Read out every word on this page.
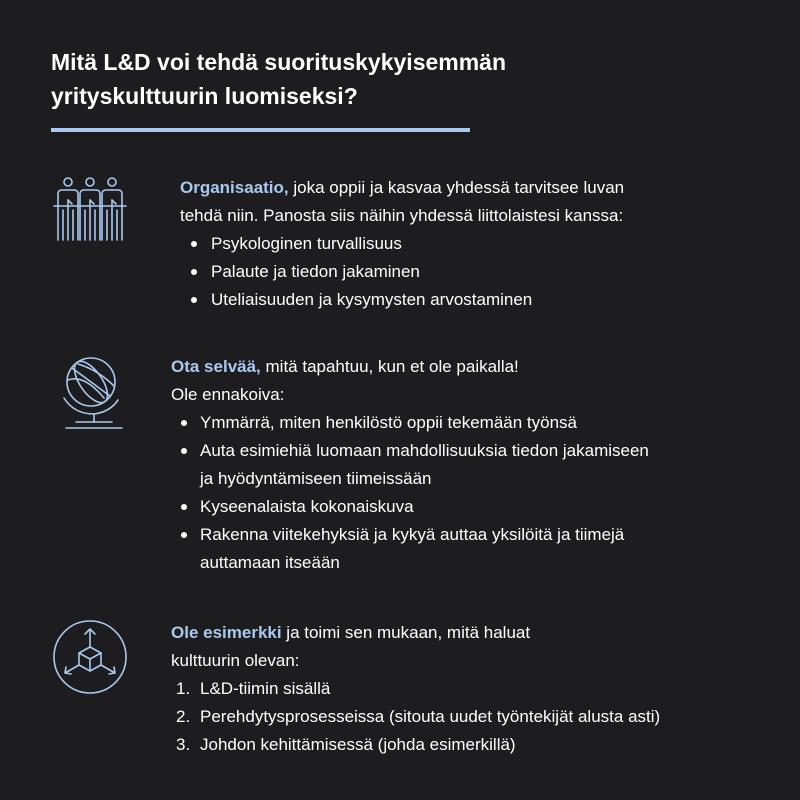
Mitä L&D voi tehdä suorituskykyisemmän
yrityskulttuurin luomiseksi?

Organisaatio, joka oppii ja kasvaa yhdessä tarvitsee luvan

tehdä niin. Panosta siis näihin yhdessä liittolaistesi kanssa:

Psykologinen turvallisuus
Palaute ja tiedon jakaminen
Uteliaisuuden ja kysymysten arvostaminen

Ota selvää, mitä tapahtuu, kun et ole paikalla!

Ole ennakoiva:

Ymmärrä, miten henkilöstö oppii tekemään työnsä
Auta esimiehiä luomaan mahdollisuuksia tiedon jakamiseen
ja hyödyntämiseen tiimeissään
Kyseenalaista kokonaiskuva
Rakenna viitekehyksiä ja kykyä auttaa yksilöitä ja tiimejä
auttamaan itseään

Ole esimerkki ja toimi sen mukaan, mitä haluat

kulttuurin olevan:

1. L&D-tiimin sisällä
2. Perehdytysprosesseissa (sitouta uudet työntekijät alusta asti)
3. Johdon kehittämisessä (johda esimerkillä)
